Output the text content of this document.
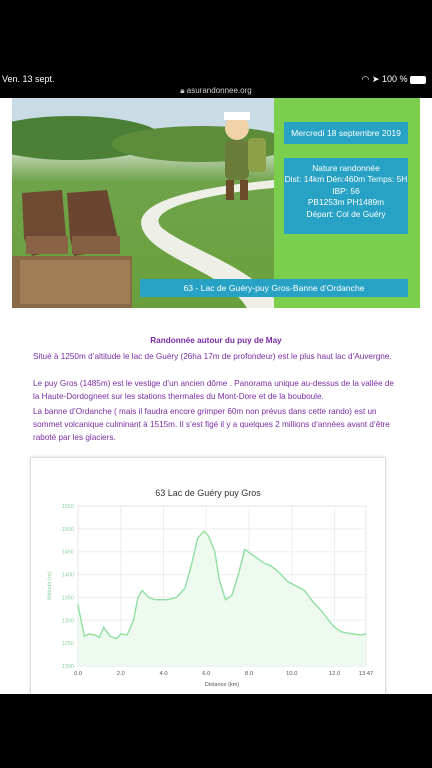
Ven. 13 sept.	◠ ➤ 100 %
🔒︎ asurandonnee.org
Mercredi 18 septembre 2019
Nature randonnée
Dist: 14km Dén:460m Temps: 5H
IBP: 56
PB1253m PH1489m
Départ: Col de Guéry
63 - Lac de Guéry-puy Gros-Banne d’Ordanche
Randonnée autour du puy de May
Situé à 1250m d’altitude le lac de Guéry (26ha 17m de profondeur) est le plus haut lac d’Auvergne.
Le puy Gros (1485m) est le vestige d’un ancien dôme . Panorama unique au-dessus de la vallée de la Haute-Dordogneet sur les stations thermales du Mont-Dore et de la bouboule.
La banne d’Ordanche ( mais il faudra encore grimper 60m non prévus dans cette rando) est un sommet volcanique culminant à 1515m. Il s’est figé il y a quelques 2 millions d’années avant d’être raboté par les glaciers.
63 Lac de Guéry puy Gros
1300
1250
1300
1350
1400
1450
1500
1550
0.0	2.0	4.0	6.0	8.0	10.0	12.0	13.47
Distance (km)
Altitude (m)
